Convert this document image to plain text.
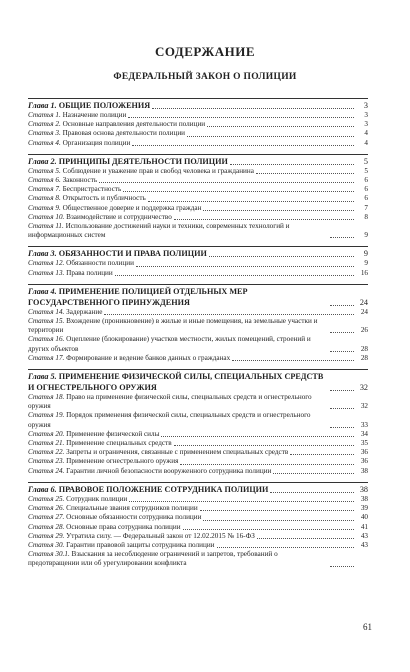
СОДЕРЖАНИЕ
ФЕДЕРАЛЬНЫЙ ЗАКОН О ПОЛИЦИИ
Глава 1. ОБЩИЕ ПОЛОЖЕНИЯ	3
Статья 1. Назначение полиции	3
Статья 2. Основные направления деятельности полиции	3
Статья 3. Правовая основа деятельности полиции	4
Статья 4. Организация полиции	4
Глава 2. ПРИНЦИПЫ ДЕЯТЕЛЬНОСТИ ПОЛИЦИИ	5
Статья 5. Соблюдение и уважение прав и свобод человека и гражданина	5
Статья 6. Законность	6
Статья 7. Беспристрастность	6
Статья 8. Открытость и публичность	6
Статья 9. Общественное доверие и поддержка граждан	7
Статья 10. Взаимодействие и сотрудничество	8
Статья 11. Использование достижений науки и техники, современных технологий и информационных систем	9
Глава 3. ОБЯЗАННОСТИ И ПРАВА ПОЛИЦИИ	9
Статья 12. Обязанности полиции	9
Статья 13. Права полиции	16
Глава 4. ПРИМЕНЕНИЕ ПОЛИЦИЕЙ ОТДЕЛЬНЫХ МЕР ГОСУДАРСТВЕННОГО ПРИНУЖДЕНИЯ	24
Статья 14. Задержание	24
Статья 15. Вхождение (проникновение) в жилые и иные помещения, на земельные участки и территории	26
Статья 16. Оцепление (блокирование) участков местности, жилых помещений, строений и других объектов	28
Статья 17. Формирование и ведение банков данных о гражданах	28
Глава 5. ПРИМЕНЕНИЕ ФИЗИЧЕСКОЙ СИЛЫ, СПЕЦИАЛЬНЫХ СРЕДСТВ И ОГНЕСТРЕЛЬНОГО ОРУЖИЯ	32
Статья 18. Право на применение физической силы, специальных средств и огнестрельного оружия	32
Статья 19. Порядок применения физической силы, специальных средств и огнестрельного оружия	33
Статья 20. Применение физической силы	34
Статья 21. Применение специальных средств	35
Статья 22. Запреты и ограничения, связанные с применением специальных средств	36
Статья 23. Применение огнестрельного оружия	36
Статья 24. Гарантии личной безопасности вооруженного сотрудника полиции	38
Глава 6. ПРАВОВОЕ ПОЛОЖЕНИЕ СОТРУДНИКА ПОЛИЦИИ	38
Статья 25. Сотрудник полиции	38
Статья 26. Специальные звания сотрудников полиции	39
Статья 27. Основные обязанности сотрудника полиции	40
Статья 28. Основные права сотрудника полиции	41
Статья 29. Утратила силу. — Федеральный закон от 12.02.2015 № 16-ФЗ	43
Статья 30. Гарантии правовой защиты сотрудника полиции	43
Статья 30.1. Взыскания за несоблюдение ограничений и запретов, требований о предотвращении или об урегулировании конфликта
61
